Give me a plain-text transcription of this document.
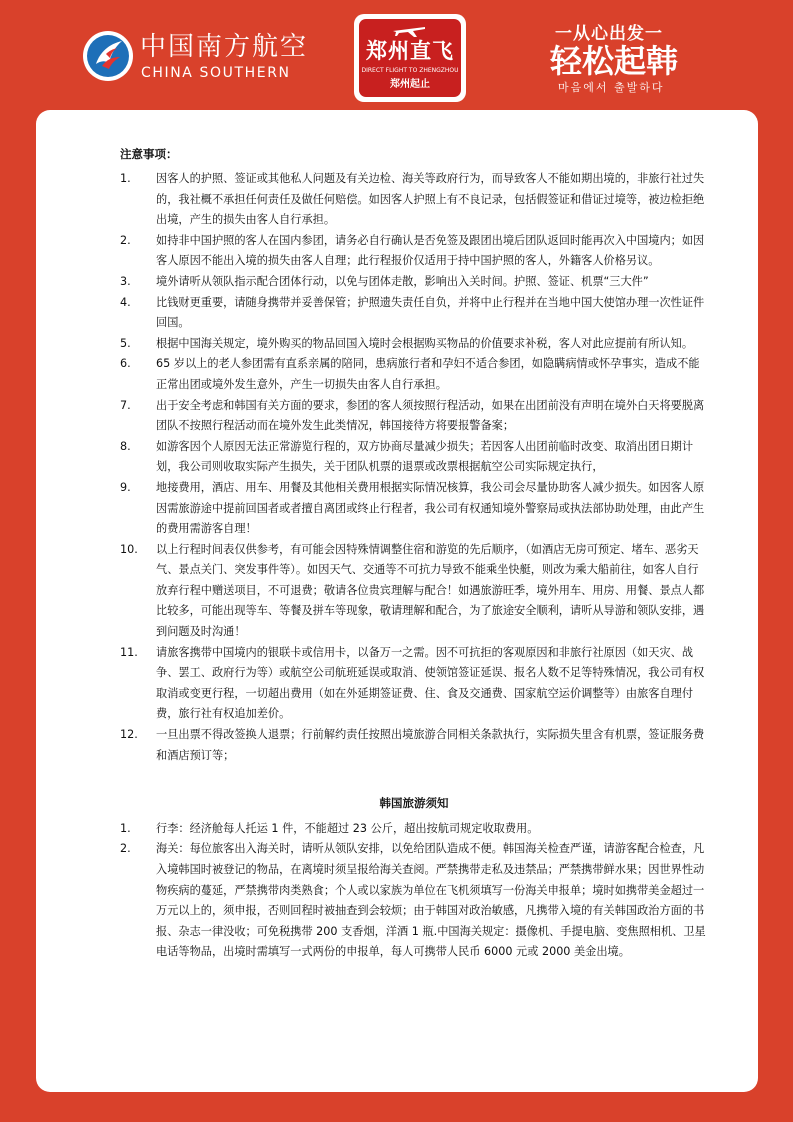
中国南方航空
CHINA SOUTHERN
郑州直飞
DIRECT FLIGHT TO ZHENGZHOU
郑州起止
一从心出发一
轻松起韩
마음에서 출발하다
注意事项：
1. 因客人的护照、签证或其他私人问题及有关边检、海关等政府行为，而导致客人不能如期出境的，非旅行社过失的，我社概不承担任何责任及做任何赔偿。如因客人护照上有不良记录，包括假签证和借证过境等，被边检拒绝出境，产生的损失由客人自行承担。
2. 如持非中国护照的客人在国内参团，请务必自行确认是否免签及跟团出境后团队返回时能再次入中国境内；如因客人原因不能出入境的损失由客人自理；此行程报价仅适用于持中国护照的客人，外籍客人价格另议。
3. 境外请听从领队指示配合团体行动，以免与团体走散，影响出入关时间。护照、签证、机票“三大件”
4. 比钱财更重要，请随身携带并妥善保管；护照遗失责任自负，并将中止行程并在当地中国大使馆办理一次性证件回国。
5. 根据中国海关规定，境外购买的物品回国入境时会根据购买物品的价值要求补税，客人对此应提前有所认知。
6. 65 岁以上的老人参团需有直系亲属的陪同，患病旅行者和孕妇不适合参团，如隐瞒病情或怀孕事实，造成不能正常出团或境外发生意外，产生一切损失由客人自行承担。
7. 出于安全考虑和韩国有关方面的要求，参团的客人须按照行程活动，如果在出团前没有声明在境外白天将要脱离团队不按照行程活动而在境外发生此类情况，韩国接待方将要报警备案；
8. 如游客因个人原因无法正常游览行程的，双方协商尽量减少损失；若因客人出团前临时改变、取消出团日期计划，我公司则收取实际产生损失，关于团队机票的退票或改票根据航空公司实际规定执行，
9. 地接费用，酒店、用车、用餐及其他相关费用根据实际情况核算，我公司会尽量协助客人减少损失。如因客人原因需旅游途中提前回国者或者擅自离团或终止行程者，我公司有权通知境外警察局或执法部协助处理，由此产生的费用需游客自理！
10. 以上行程时间表仅供参考，有可能会因特殊情调整住宿和游览的先后顺序，（如酒店无房可预定、堵车、恶劣天气、景点关门、突发事件等）。如因天气、交通等不可抗力导致不能乘坐快艇，则改为乘大船前往，如客人自行放弃行程中赠送项目，不可退费；敬请各位贵宾理解与配合！如遇旅游旺季，境外用车、用房、用餐、景点人都比较多，可能出现等车、等餐及拼车等现象，敬请理解和配合，为了旅途安全顺利，请听从导游和领队安排，遇到问题及时沟通！
11. 请旅客携带中国境内的银联卡或信用卡，以备万一之需。因不可抗拒的客观原因和非旅行社原因（如天灾、战争、罢工、政府行为等）或航空公司航班延误或取消、使领馆签证延误、报名人数不足等特殊情况，我公司有权取消或变更行程，一切超出费用（如在外延期签证费、住、食及交通费、国家航空运价调整等）由旅客自理付费，旅行社有权追加差价。
12. 一旦出票不得改签换人退票；行前解约责任按照出境旅游合同相关条款执行，实际损失里含有机票，签证服务费和酒店预订等；
韩国旅游须知
1. 行李：经济舱每人托运 1 件，不能超过 23 公斤，超出按航司规定收取费用。
2. 海关：每位旅客出入海关时，请听从领队安排，以免给团队造成不便。韩国海关检查严谨，请游客配合检查，凡入境韩国时被登记的物品，在离境时须呈报给海关查阅。严禁携带走私及违禁品；严禁携带鲜水果；因世界性动物疾病的蔓延，严禁携带肉类熟食；个人或以家族为单位在飞机须填写一份海关申报单；境时如携带美金超过一万元以上的，须申报，否则回程时被抽查到会较烦；由于韩国对政治敏感，凡携带入境的有关韩国政治方面的书报、杂志一律没收；可免税携带 200 支香烟，洋酒 1 瓶.中国海关规定：摄像机、手提电脑、变焦照相机、卫星电话等物品，出境时需填写一式两份的申报单，每人可携带人民币 6000 元或 2000 美金出境。
